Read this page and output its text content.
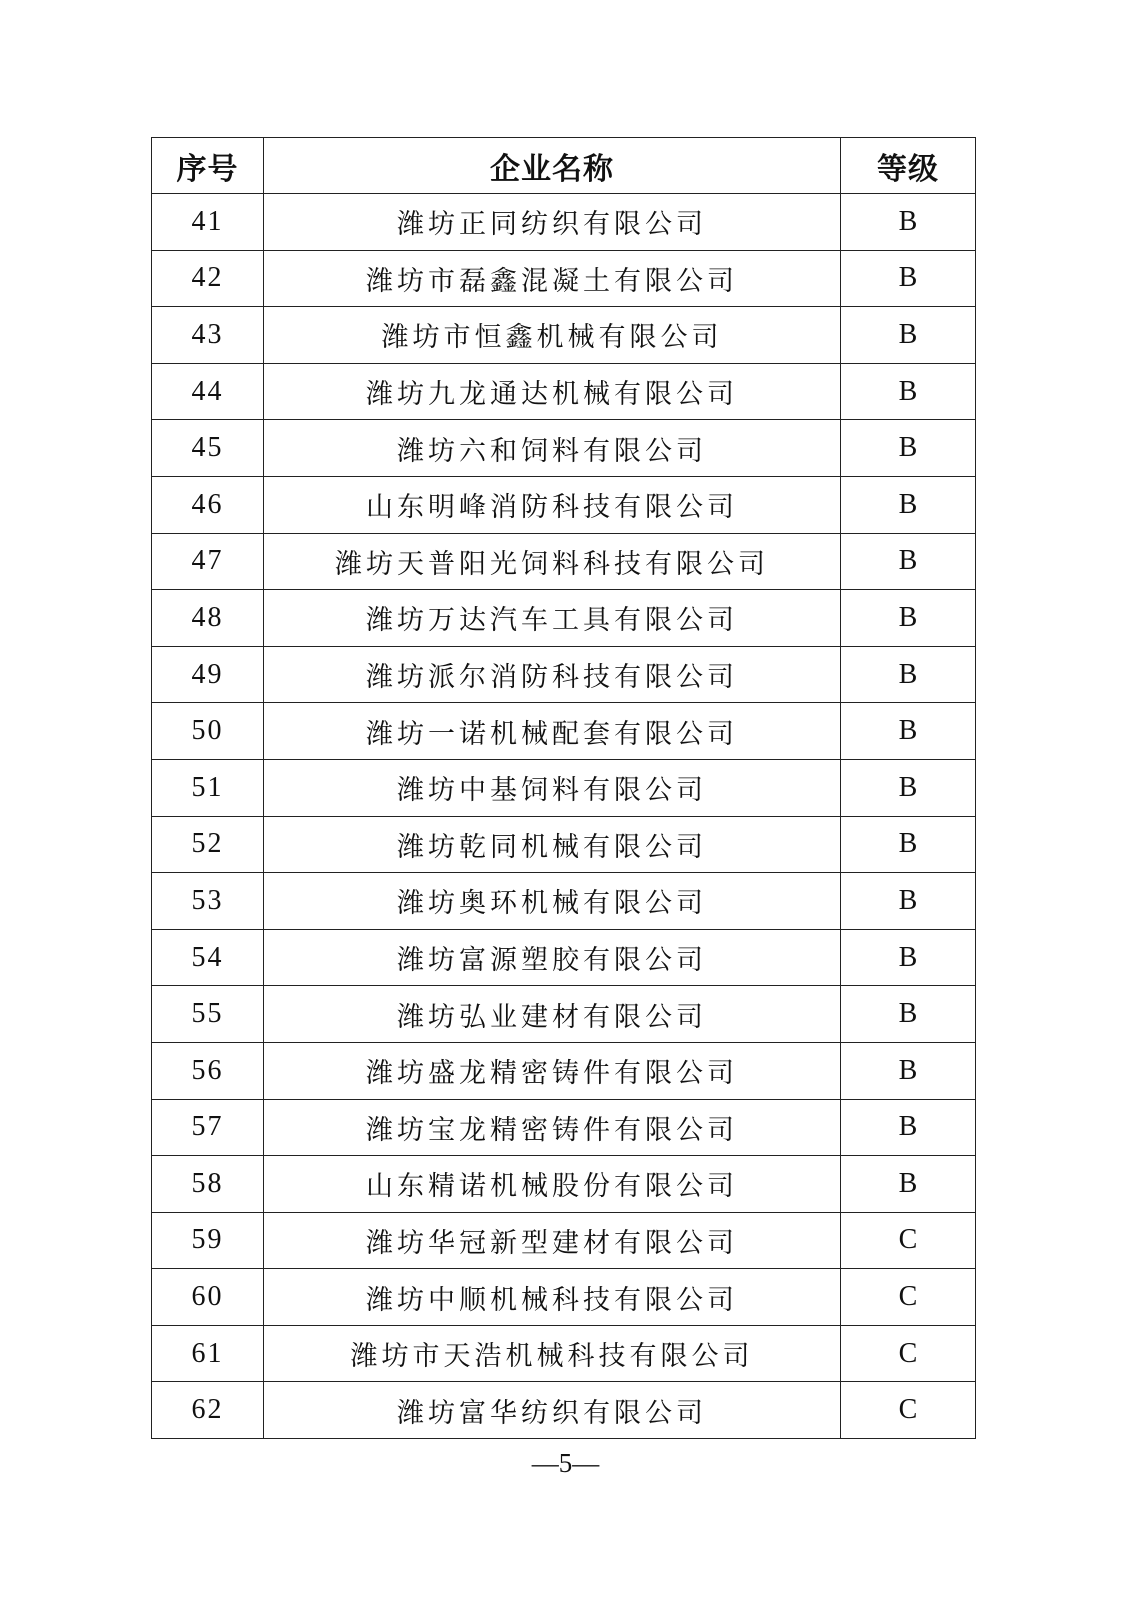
序号	企业名称	等级
41	潍坊正同纺织有限公司	B
42	潍坊市磊鑫混凝土有限公司	B
43	潍坊市恒鑫机械有限公司	B
44	潍坊九龙通达机械有限公司	B
45	潍坊六和饲料有限公司	B
46	山东明峰消防科技有限公司	B
47	潍坊天普阳光饲料科技有限公司	B
48	潍坊万达汽车工具有限公司	B
49	潍坊派尔消防科技有限公司	B
50	潍坊一诺机械配套有限公司	B
51	潍坊中基饲料有限公司	B
52	潍坊乾同机械有限公司	B
53	潍坊奥环机械有限公司	B
54	潍坊富源塑胶有限公司	B
55	潍坊弘业建材有限公司	B
56	潍坊盛龙精密铸件有限公司	B
57	潍坊宝龙精密铸件有限公司	B
58	山东精诺机械股份有限公司	B
59	潍坊华冠新型建材有限公司	C
60	潍坊中顺机械科技有限公司	C
61	潍坊市天浩机械科技有限公司	C
62	潍坊富华纺织有限公司	C
—5—
